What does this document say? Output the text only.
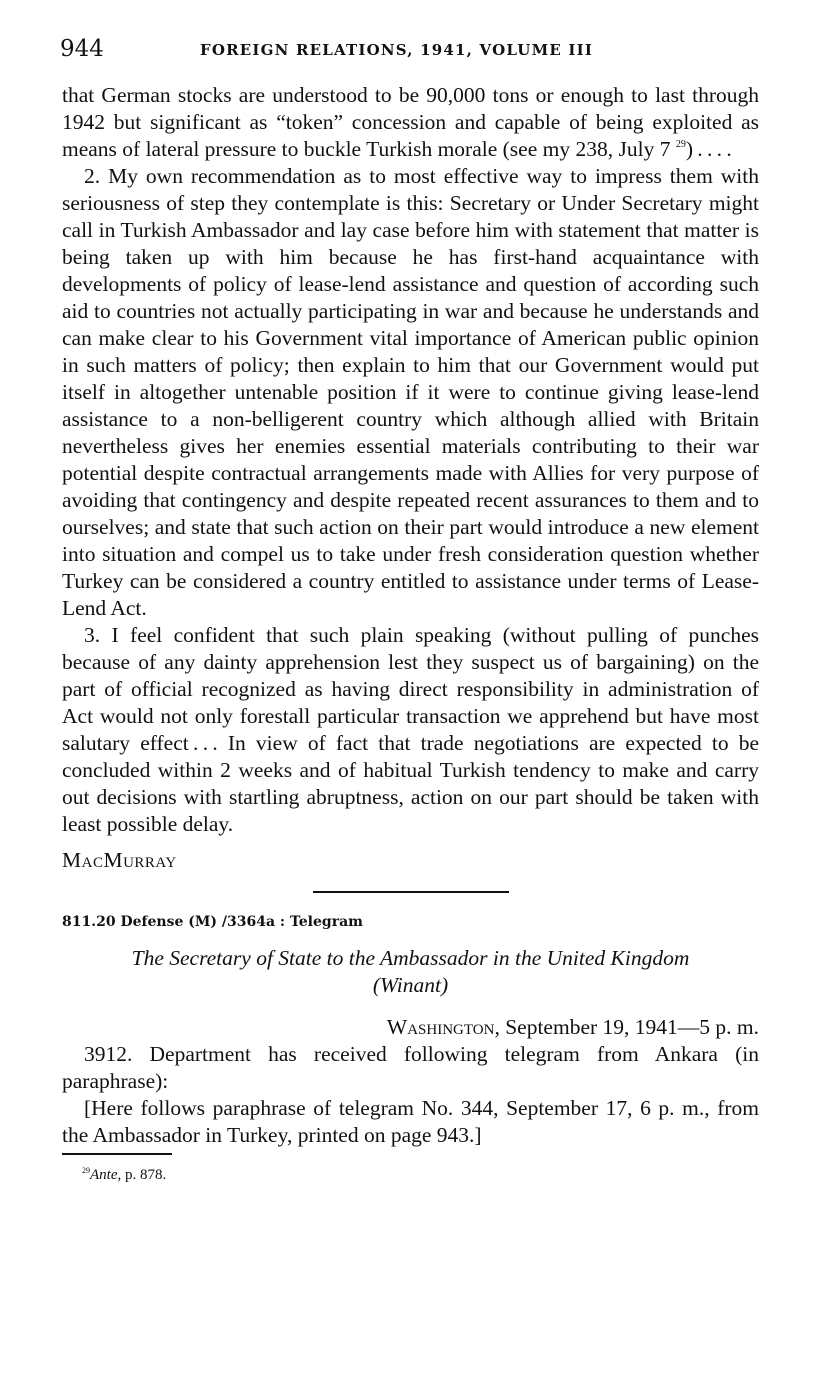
944	FOREIGN RELATIONS, 1941, VOLUME III

that German stocks are understood to be 90,000 tons or enough to last through 1942 but significant as “token” concession and capable of being exploited as means of lateral pressure to buckle Turkish morale (see my 238, July 7 $^{29}$) . . . .

2. My own recommendation as to most effective way to impress them with seriousness of step they contemplate is this: Secretary or Under Secretary might call in Turkish Ambassador and lay case before him with statement that matter is being taken up with him because he has first-hand acquaintance with developments of policy of lease-lend assistance and question of according such aid to countries not actually participating in war and because he understands and can make clear to his Government vital importance of American public opinion in such matters of policy; then explain to him that our Government would put itself in altogether untenable position if it were to continue giving lease-lend assistance to a non-belligerent country which although allied with Britain nevertheless gives her enemies essential materials contributing to their war potential despite contractual arrangements made with Allies for very purpose of avoiding that contingency and despite repeated recent assurances to them and to ourselves; and state that such action on their part would introduce a new element into situation and compel us to take under fresh consideration question whether Turkey can be considered a country entitled to assistance under terms of Lease-Lend Act.

3. I feel confident that such plain speaking (without pulling of punches because of any dainty apprehension lest they suspect us of bargaining) on the part of official recognized as having direct responsibility in administration of Act would not only forestall particular transaction we apprehend but have most salutary effect . . . In view of fact that trade negotiations are expected to be concluded within 2 weeks and of habitual Turkish tendency to make and carry out decisions with startling abruptness, action on our part should be taken with least possible delay.

MacMurray

811.20 Defense (M) /3364a : Telegram

The Secretary of State to the Ambassador in the United Kingdom
(Winant)

Washington, September 19, 1941—5 p. m.

3912. Department has received following telegram from Ankara (in paraphrase):

[Here follows paraphrase of telegram No. 344, September 17, 6 p. m., from the Ambassador in Turkey, printed on page 943.]

$^{29}$Ante, p. 878.
